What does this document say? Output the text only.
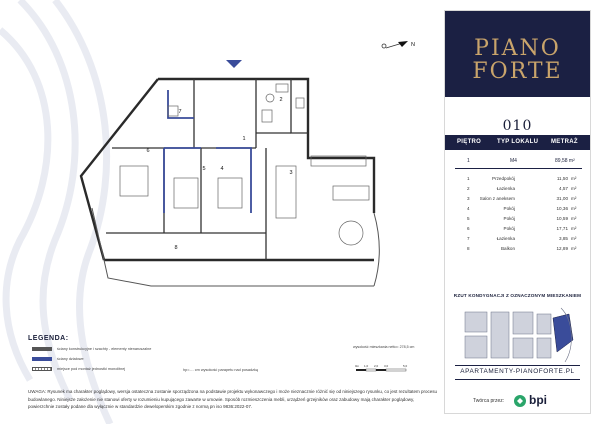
1
2
3
4
5
6
7
8
N
LEGENDA:
ściany konstrukcyjne i szachty - elementy nienaruszalne
ściany działowe
miejsce pod montaż jednostki monolitnej	hp=.... cm wysokość parapetu nad posadzką
wysokość mieszkania netto= 278,5 cm
0m 1,0 2,0 3,0	5,0
UWAGA: Rysunek ma charakter poglądowy, wersja ostateczna zostanie sporządzona na podstawie projektu wykonawczego i może nieznacznie różnić się od niniejszego rysunku, co jest rezultatem procesu budowlanego. Niniejsze założenie nie stanowi oferty w rozumieniu kupującego zawarte w umowie. Sposób rozmieszczenia mebli, urządzeń grzejników oraz zabudowy mają charakter poglądowy, powierzchnie zostały podane dla wyłącznie w standardzie deweloperskim zgodnie z normą pn iso 9836:2022-07.
PIANO
FORTE
010
PIĘTRO	TYP LOKALU METRAŻ
1	M4	89,58 m²
1	Przedpokój	11,50 m²
2	Łazienka	4,57 m²
3 Salon z aneksem	31,00 m²
4	Pokój	10,36 m²
5	Pokój	10,59 m²
6	Pokój	17,71 m²
7	Łazienka	3,85 m²
8	Balkon	12,89 m²
RZUT KONDYGNACJI Z OZNACZONYM MIESZKANIEM
APARTAMENTY-PIANOFORTE.PL
Twórca przez: bpi
